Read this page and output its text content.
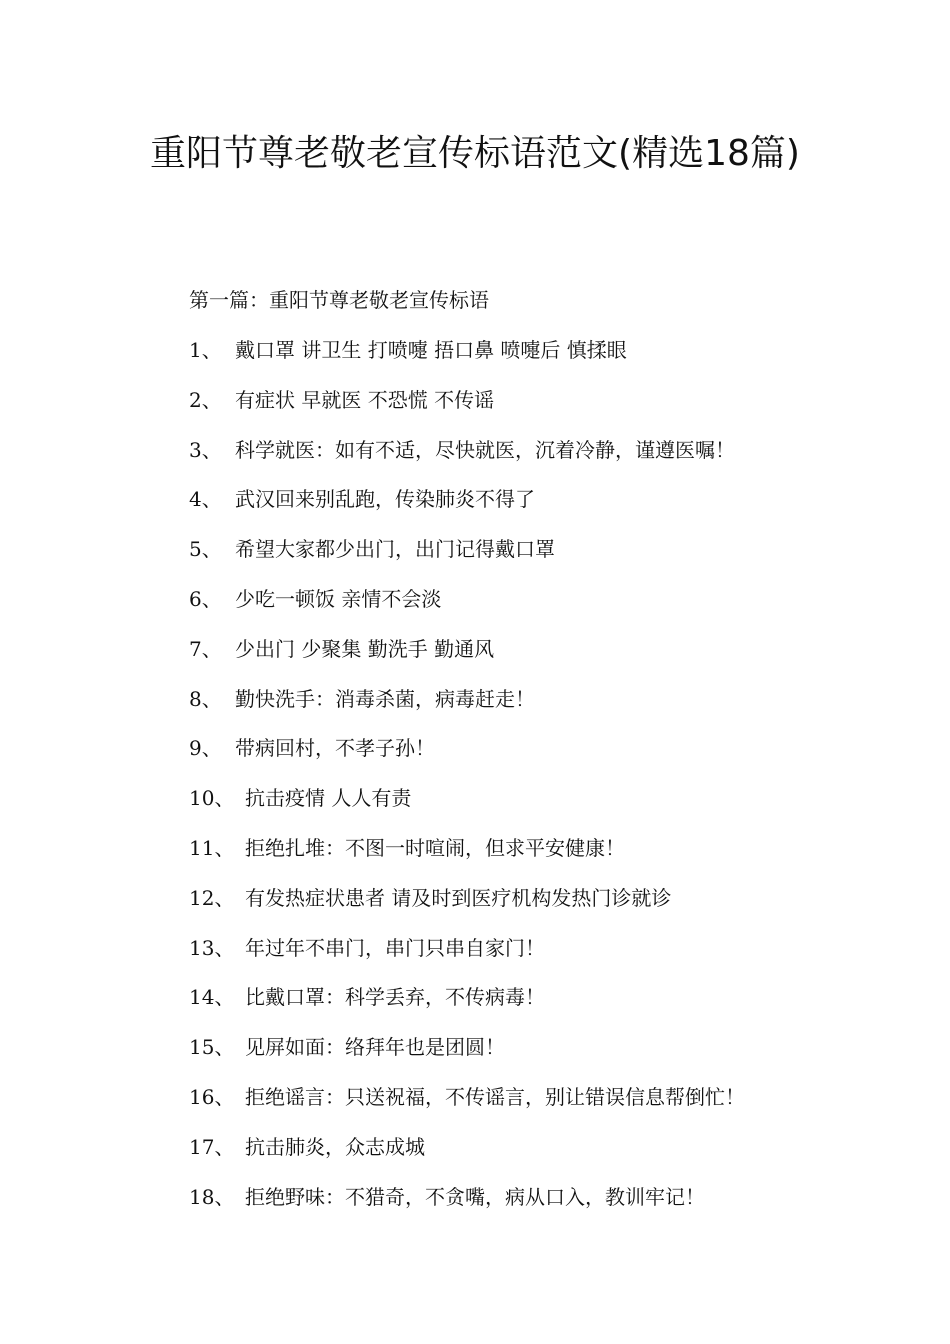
重阳节尊老敬老宣传标语范文(精选18篇)
第一篇：重阳节尊老敬老宣传标语
1、 戴口罩 讲卫生 打喷嚏 捂口鼻 喷嚏后 慎揉眼
2、 有症状 早就医 不恐慌 不传谣
3、 科学就医：如有不适，尽快就医，沉着冷静，谨遵医嘱！
4、 武汉回来别乱跑，传染肺炎不得了
5、 希望大家都少出门，出门记得戴口罩
6、 少吃一顿饭 亲情不会淡
7、 少出门 少聚集 勤洗手 勤通风
8、 勤快洗手：消毒杀菌，病毒赶走！
9、 带病回村，不孝子孙！
10、 抗击疫情 人人有责
11、 拒绝扎堆：不图一时喧闹，但求平安健康！
12、 有发热症状患者 请及时到医疗机构发热门诊就诊
13、 年过年不串门，串门只串自家门！
14、 比戴口罩：科学丢弃，不传病毒！
15、 见屏如面：络拜年也是团圆！
16、 拒绝谣言：只送祝福，不传谣言，别让错误信息帮倒忙！
17、 抗击肺炎，众志成城
18、 拒绝野味：不猎奇，不贪嘴，病从口入，教训牢记！
